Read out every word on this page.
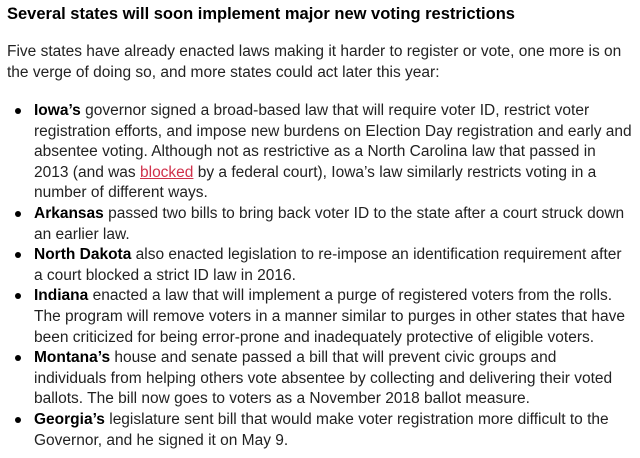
Several states will soon implement major new voting restrictions

Five states have already enacted laws making it harder to register or vote, one more is on the verge of doing so, and more states could act later this year:

Iowa’s governor signed a broad-based law that will require voter ID, restrict voter registration efforts, and impose new burdens on Election Day registration and early and absentee voting. Although not as restrictive as a North Carolina law that passed in 2013 (and was blocked by a federal court), Iowa’s law similarly restricts voting in a number of different ways.
Arkansas passed two bills to bring back voter ID to the state after a court struck down an earlier law.
North Dakota also enacted legislation to re-impose an identification requirement after a court blocked a strict ID law in 2016.
Indiana enacted a law that will implement a purge of registered voters from the rolls. The program will remove voters in a manner similar to purges in other states that have been criticized for being error-prone and inadequately protective of eligible voters.
Montana’s house and senate passed a bill that will prevent civic groups and individuals from helping others vote absentee by collecting and delivering their voted ballots. The bill now goes to voters as a November 2018 ballot measure.
Georgia’s legislature sent bill that would make voter registration more difficult to the Governor, and he signed it on May 9.
